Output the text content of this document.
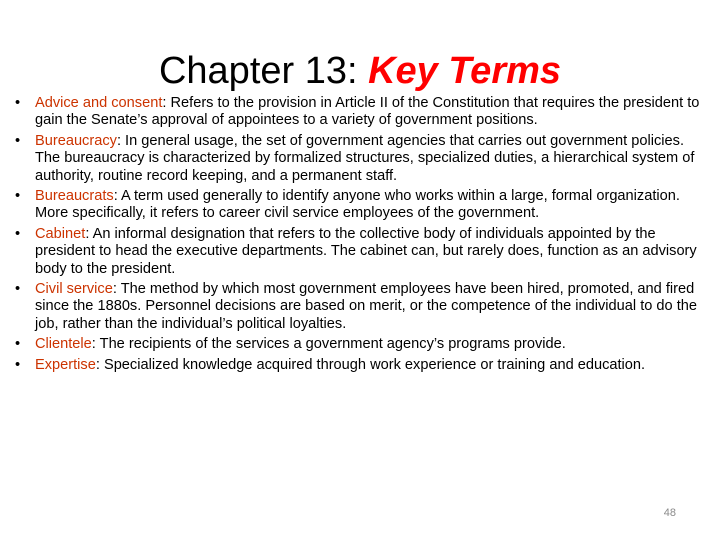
Chapter 13: Key Terms
• Advice and consent: Refers to the provision in Article II of the Constitution that requires the president to gain the Senate’s approval of appointees to a variety of government positions.
• Bureaucracy: In general usage, the set of government agencies that carries out government policies. The bureaucracy is characterized by formalized structures, specialized duties, a hierarchical system of authority, routine record keeping, and a permanent staff.
• Bureaucrats: A term used generally to identify anyone who works within a large, formal organization. More specifically, it refers to career civil service employees of the government.
• Cabinet: An informal designation that refers to the collective body of individuals appointed by the president to head the executive departments. The cabinet can, but rarely does, function as an advisory body to the president.
• Civil service: The method by which most government employees have been hired, promoted, and fired since the 1880s. Personnel decisions are based on merit, or the competence of the individual to do the job, rather than the individual’s political loyalties.
• Clientele: The recipients of the services a government agency’s programs provide.
• Expertise: Specialized knowledge acquired through work experience or training and education.
48
